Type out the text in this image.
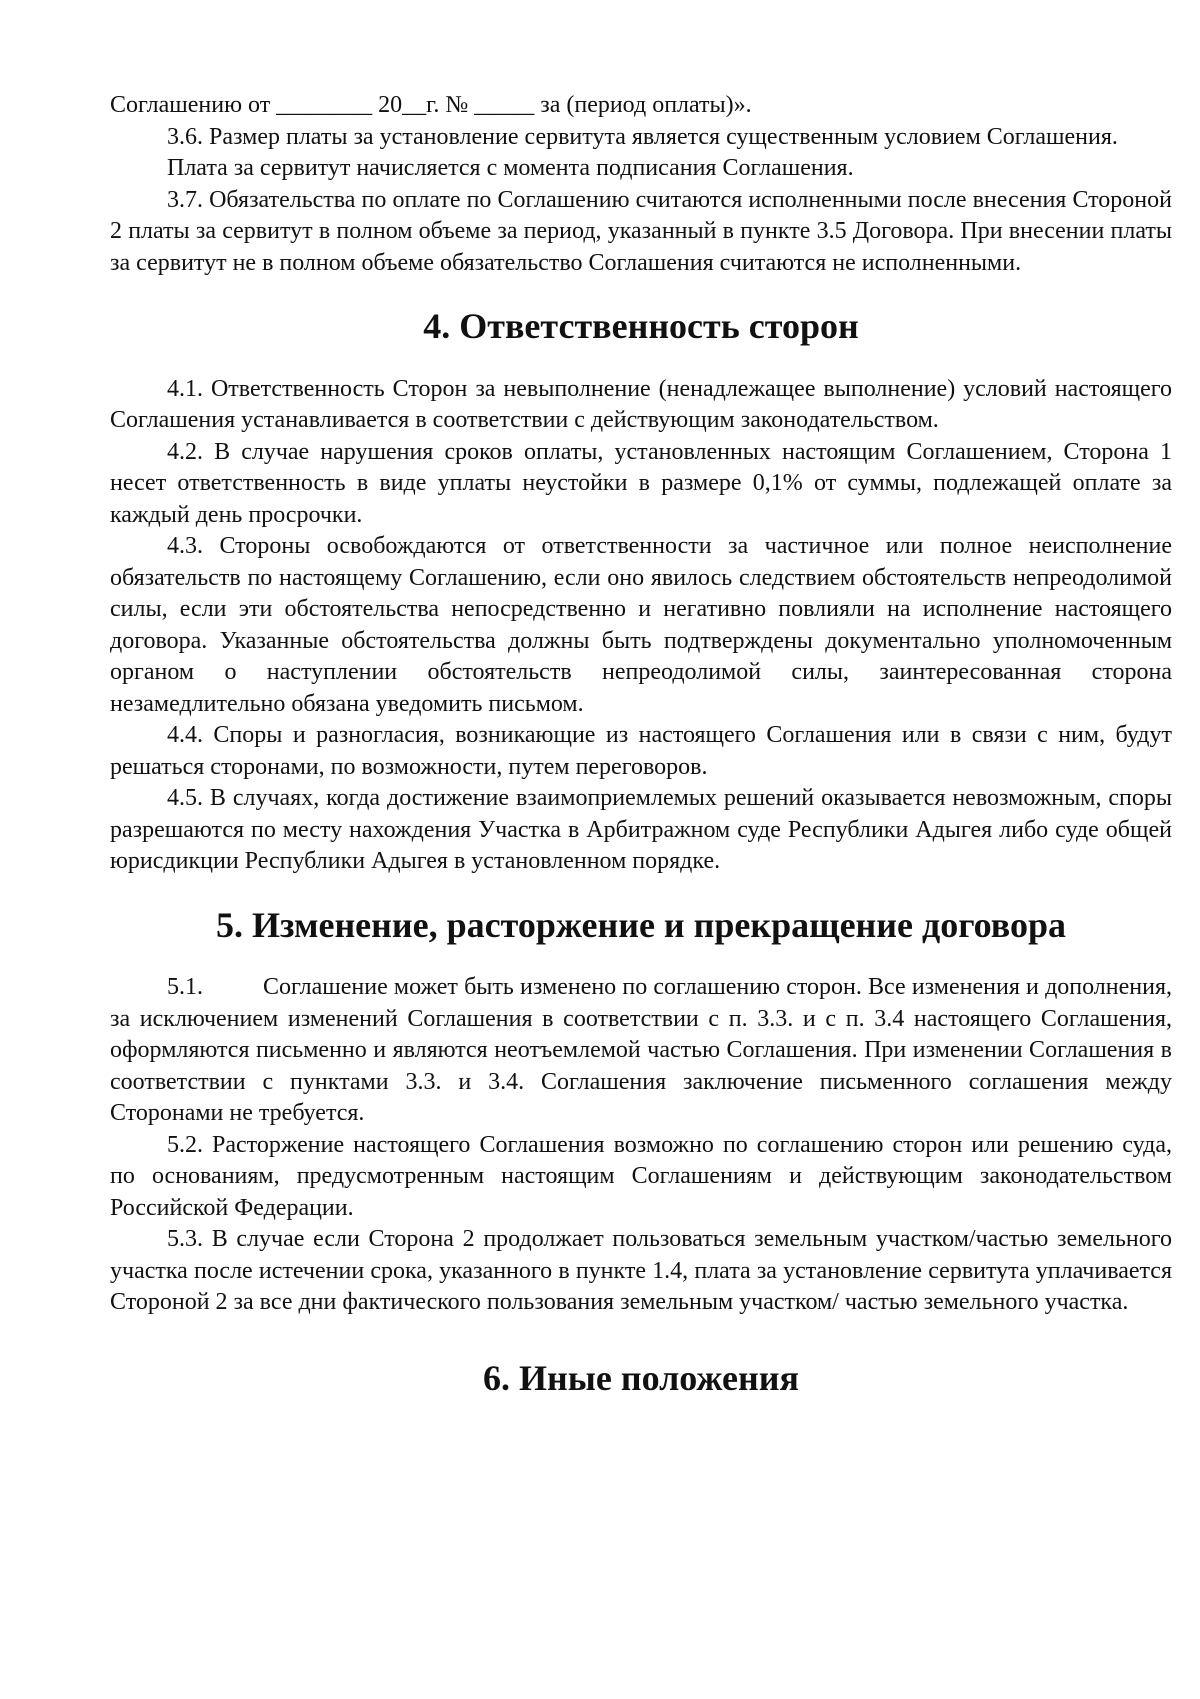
Соглашению от ________ 20__г. № _____ за (период оплаты)».

3.6. Размер платы за установление сервитута является существенным условием Соглашения.

Плата за сервитут начисляется с момента подписания Соглашения.

3.7. Обязательства по оплате по Соглашению считаются исполненными после внесения Стороной 2 платы за сервитут в полном объеме за период, указанный в пункте 3.5 Договора. При внесении платы за сервитут не в полном объеме обязательство Соглашения считаются не исполненными.

4. Ответственность сторон

4.1. Ответственность Сторон за невыполнение (ненадлежащее выполнение) условий настоящего Соглашения устанавливается в соответствии с действующим законодательством.

4.2. В случае нарушения сроков оплаты, установленных настоящим Соглашением, Сторона 1 несет ответственность в виде уплаты неустойки в размере 0,1% от суммы, подлежащей оплате за каждый день просрочки.

4.3. Стороны освобождаются от ответственности за частичное или полное неисполнение обязательств по настоящему Соглашению, если оно явилось следствием обстоятельств непреодолимой силы, если эти обстоятельства непосредственно и негативно повлияли на исполнение настоящего договора. Указанные обстоятельства должны быть подтверждены документально уполномоченным органом о наступлении обстоятельств непреодолимой силы, заинтересованная сторона незамедлительно обязана уведомить письмом.

4.4. Споры и разногласия, возникающие из настоящего Соглашения или в связи с ним, будут решаться сторонами, по возможности, путем переговоров.

4.5. В случаях, когда достижение взаимоприемлемых решений оказывается невозможным, споры разрешаются по месту нахождения Участка в Арбитражном суде Республики Адыгея либо суде общей юрисдикции Республики Адыгея в установленном порядке.

5. Изменение, расторжение и прекращение договора

5.1.	Соглашение может быть изменено по соглашению сторон. Все изменения и дополнения, за исключением изменений Соглашения в соответствии с п. 3.3. и с п. 3.4 настоящего Соглашения, оформляются письменно и являются неотъемлемой частью Соглашения. При изменении Соглашения в соответствии с пунктами 3.3. и 3.4. Соглашения заключение письменного соглашения между Сторонами не требуется.

5.2. Расторжение настоящего Соглашения возможно по соглашению сторон или решению суда, по основаниям, предусмотренным настоящим Соглашениям и действующим законодательством Российской Федерации.

5.3. В случае если Сторона 2 продолжает пользоваться земельным участком/частью земельного участка после истечении срока, указанного в пункте 1.4, плата за установление сервитута уплачивается Стороной 2 за все дни фактического пользования земельным участком/ частью земельного участка.

6. Иные положения
